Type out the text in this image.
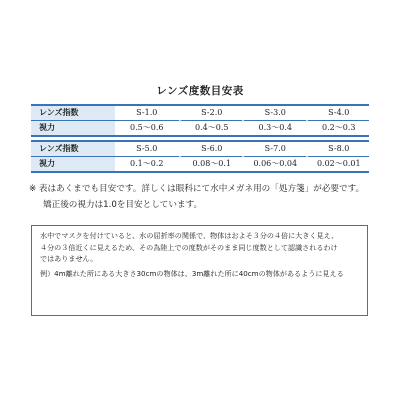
レンズ度数目安表
レンズ指数	S-1.0	S-2.0	S-3.0	S-4.0
視力	0.5〜0.6	0.4〜0.5	0.3〜0.4	0.2〜0.3
レンズ指数	S-5.0	S-6.0	S-7.0	S-8.0
視力	0.1〜0.2	0.08〜0.1	0.06〜0.04	0.02〜0.01
※ 表はあくまでも目安です。詳しくは眼科にて水中メガネ用の「処方箋」が必要です。
矯正後の視力は1.0を目安としています。
水中でマスクを付けていると、水の屈折率の関係で、物体はおよそ３分の４倍に大きく見え、
４分の３倍近くに見えるため、その為陸上での度数がそのまま同じ度数として認識されるわけ
ではありません。
例）4m離れた所にある大きさ30cmの物体は、3m離れた所に40cmの物体があるように見える
